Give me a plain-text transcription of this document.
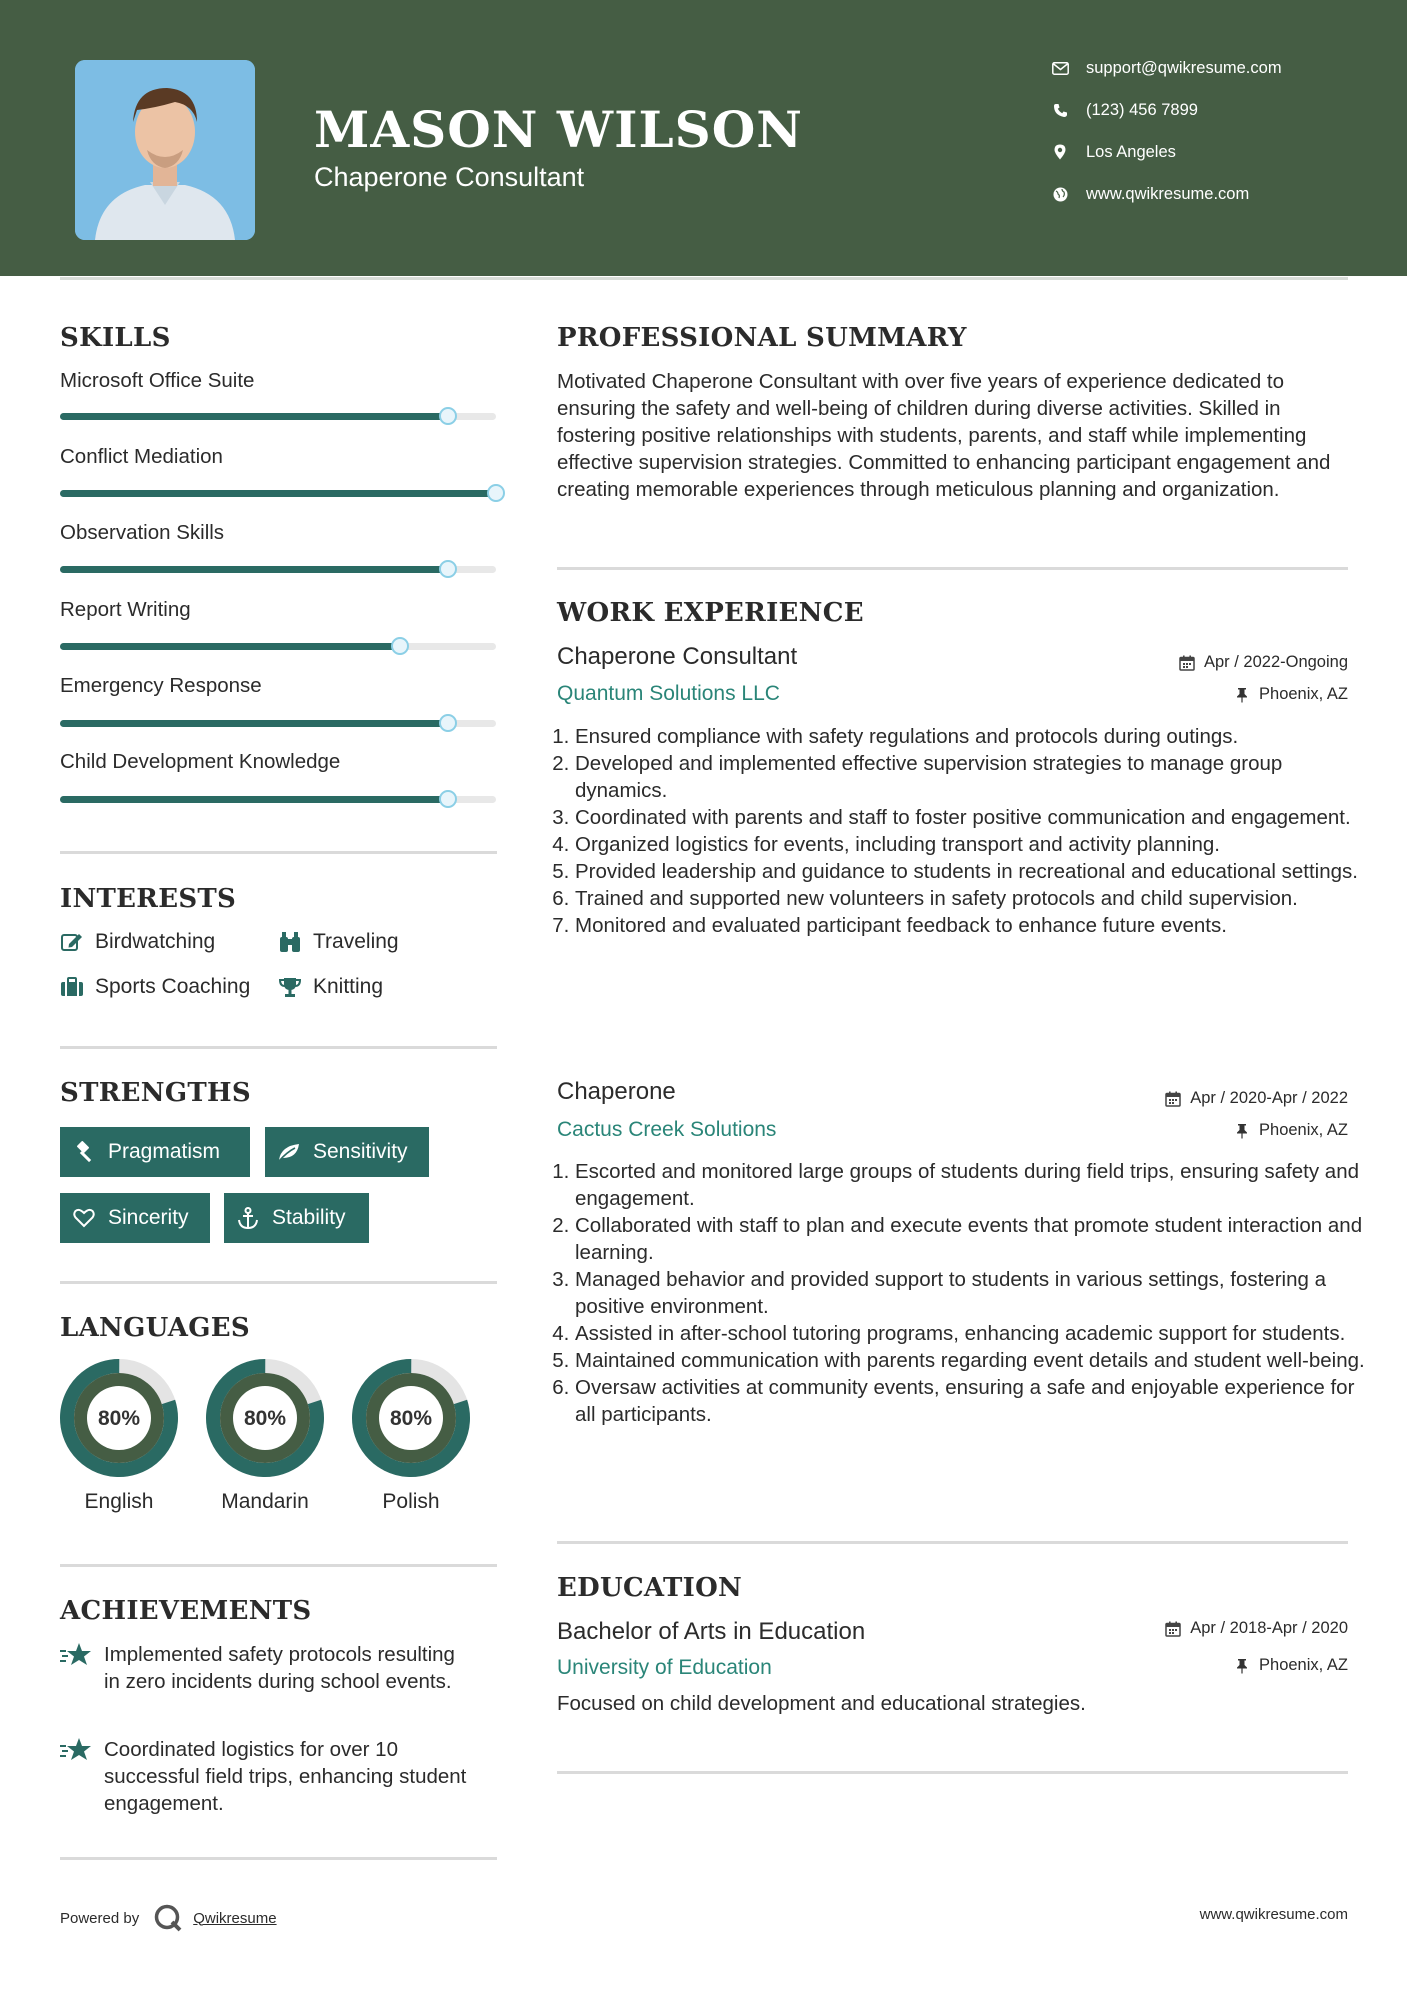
MASON WILSON
Chaperone Consultant
support@qwikresume.com
(123) 456 7899
Los Angeles
www.qwikresume.com
SKILLS
Microsoft Office Suite
Conflict Mediation
Observation Skills
Report Writing
Emergency Response
Child Development Knowledge
INTERESTS
Birdwatching	Traveling
Sports Coaching	Knitting
STRENGTHS
Pragmatism	Sensitivity
Sincerity	Stability
LANGUAGES
80%
English
80%
Mandarin
80%
Polish
ACHIEVEMENTS
Implemented safety protocols resulting in zero incidents during school events.
Coordinated logistics for over 10 successful field trips, enhancing student engagement.
PROFESSIONAL SUMMARY
Motivated Chaperone Consultant with over five years of experience dedicated to ensuring the safety and well-being of children during diverse activities. Skilled in fostering positive relationships with students, parents, and staff while implementing effective supervision strategies. Committed to enhancing participant engagement and creating memorable experiences through meticulous planning and organization.
WORK EXPERIENCE
Chaperone Consultant	Apr / 2022-Ongoing
Quantum Solutions LLC	Phoenix, AZ
1. Ensured compliance with safety regulations and protocols during outings.
2. Developed and implemented effective supervision strategies to manage group dynamics.
3. Coordinated with parents and staff to foster positive communication and engagement.
4. Organized logistics for events, including transport and activity planning.
5. Provided leadership and guidance to students in recreational and educational settings.
6. Trained and supported new volunteers in safety protocols and child supervision.
7. Monitored and evaluated participant feedback to enhance future events.
Chaperone	Apr / 2020-Apr / 2022
Cactus Creek Solutions	Phoenix, AZ
1. Escorted and monitored large groups of students during field trips, ensuring safety and engagement.
2. Collaborated with staff to plan and execute events that promote student interaction and learning.
3. Managed behavior and provided support to students in various settings, fostering a positive environment.
4. Assisted in after-school tutoring programs, enhancing academic support for students.
5. Maintained communication with parents regarding event details and student well-being.
6. Oversaw activities at community events, ensuring a safe and enjoyable experience for all participants.
EDUCATION
Bachelor of Arts in Education	Apr / 2018-Apr / 2020
University of Education	Phoenix, AZ
Focused on child development and educational strategies.
Powered by	Qwikresume	www.qwikresume.com
